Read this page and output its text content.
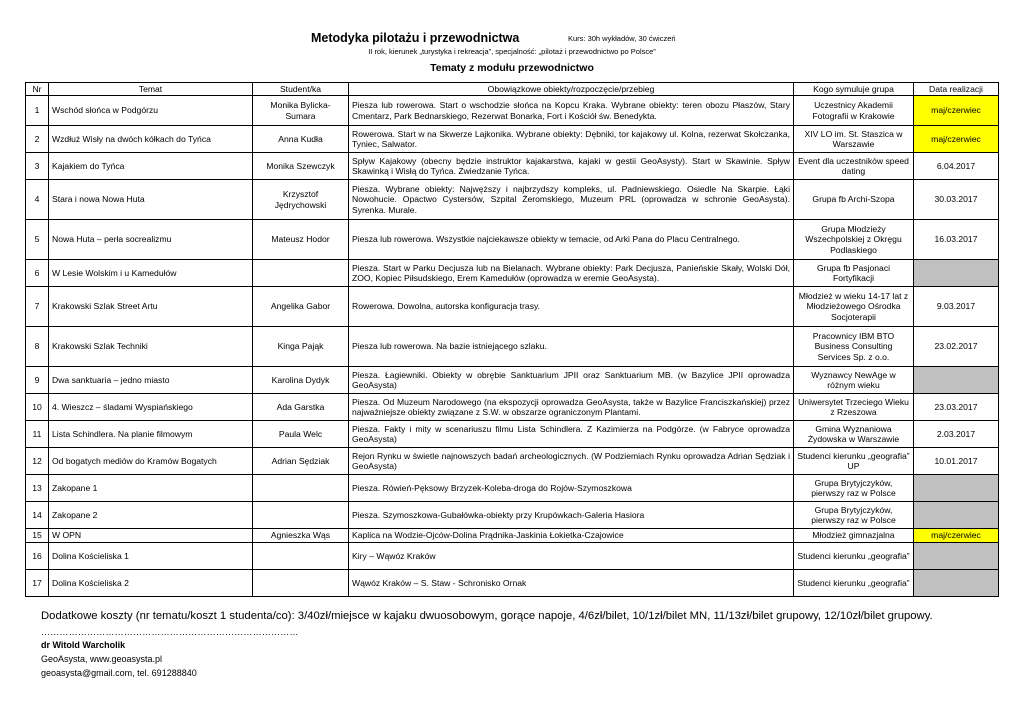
Metodyka pilotażu i przewodnictwa	Kurs: 30h wykładów, 30 ćwiczeń
II rok, kierunek „turystyka i rekreacja”, specjalność: „pilotaż i przewodnictwo po Polsce”
Tematy z modułu przewodnictwo
Nr	Temat	Student/ka	Obowiązkowe obiekty/rozpoczęcie/przebieg	Kogo symuluje grupa	Data realizacji
1	Wschód słońca w Podgórzu	Monika Bylicka-Sumara	Piesza lub rowerowa. Start o wschodzie słońca na Kopcu Kraka. Wybrane obiekty: teren obozu Płaszów, Stary Cmentarz, Park Bednarskiego, Rezerwat Bonarka, Fort i Kościół św. Benedykta.	Uczestnicy Akademii Fotografii w Krakowie	maj/czerwiec
2	Wzdłuż Wisły na dwóch kółkach do Tyńca	Anna Kudła	Rowerowa. Start w na Skwerze Lajkonika. Wybrane obiekty: Dębniki, tor kajakowy ul. Kolna, rezerwat Skołczanka, Tyniec, Salwator.	XIV LO im. St. Staszica w Warszawie	maj/czerwiec
3	Kajakiem do Tyńca	Monika Szewczyk	Spływ Kajakowy (obecny będzie instruktor kajakarstwa, kajaki w gestii GeoAsysty). Start w Skawinie. Spływ Skawinką i Wisłą do Tyńca. Zwiedzanie Tyńca.	Event dla uczestników speed dating	6.04.2017
4	Stara i nowa Nowa Huta	Krzysztof Jędrychowski	Piesza. Wybrane obiekty: Najwęższy i najbrzydszy kompleks, ul. Padniewskiego. Osiedle Na Skarpie. Łąki Nowohucie. Opactwo Cystersów, Szpital Żeromskiego, Muzeum PRL (oprowadza w schronie GeoAsysta). Syrenka. Murale.	Grupa fb Archi-Szopa	30.03.2017
5	Nowa Huta – perła socrealizmu	Mateusz Hodor	Piesza lub rowerowa. Wszystkie najciekawsze obiekty w temacie, od Arki Pana do Placu Centralnego.	Grupa Młodzieży Wszechpolskiej z Okręgu Podlaskiego	16.03.2017
6	W Lesie Wolskim i u Kamedułów		Piesza. Start w Parku Decjusza lub na Bielanach. Wybrane obiekty: Park Decjusza, Panieńskie Skały, Wolski Dół, ZOO, Kopiec Piłsudskiego, Erem Kamedułów (oprowadza w eremie GeoAsysta).	Grupa fb Pasjonaci Fortyfikacji	
7	Krakowski Szlak Street Artu	Angelika Gabor	Rowerowa. Dowolna, autorska konfiguracja trasy.	Młodzież w wieku 14-17 lat z Młodzieżowego Ośrodka Socjoterapii	9.03.2017
8	Krakowski Szlak Techniki	Kinga Pająk	Piesza lub rowerowa. Na bazie istniejącego szlaku.	Pracownicy IBM BTO Business Consulting Services Sp. z o.o.	23.02.2017
9	Dwa sanktuaria – jedno miasto	Karolina Dydyk	Piesza. Łagiewniki. Obiekty w obrębie Sanktuarium JPII oraz Sanktuarium MB. (w Bazylice JPII oprowadza GeoAsysta)	Wyznawcy NewAge w różnym wieku	
10	4. Wieszcz – śladami Wyspiańskiego	Ada Garstka	Piesza. Od Muzeum Narodowego (na ekspozycji oprowadza GeoAsysta, także w Bazylice Franciszkańskiej) przez najważniejsze obiekty związane z S.W. w obszarze ograniczonym Plantami.	Uniwersytet Trzeciego Wieku z Rzeszowa	23.03.2017
11	Lista Schindlera. Na planie filmowym	Paula Welc	Piesza. Fakty i mity w scenariuszu filmu Lista Schindlera. Z Kazimierza na Podgórze. (w Fabryce oprowadza GeoAsysta)	Gmina Wyznaniowa Żydowska w Warszawie	2.03.2017
12	Od bogatych mediów do Kramów Bogatych	Adrian Sędziak	Rejon Rynku w świetle najnowszych badań archeologicznych. (W Podziemiach Rynku oprowadza Adrian Sędziak i GeoAsysta)	Studenci kierunku „geografia” UP	10.01.2017
13	Zakopane 1		Piesza. Rówień-Pęksowy Brzyzek-Koleba-droga do Rojów-Szymoszkowa	Grupa Brytyjczyków, pierwszy raz w Polsce	
14	Zakopane 2		Piesza. Szymoszkowa-Gubałówka-obiekty przy Krupówkach-Galeria Hasiora	Grupa Brytyjczyków, pierwszy raz w Polsce	
15	W OPN	Agnieszka Wąs	Kaplica na Wodzie-Ojców-Dolina Prądnika-Jaskinia Łokietka-Czajowice	Młodzież gimnazjalna	maj/czerwiec
16	Dolina Kościeliska 1		Kiry – Wąwóz Kraków	Studenci kierunku „geografia”	
17	Dolina Kościeliska 2		Wąwóz Kraków – S. Staw - Schronisko Ornak	Studenci kierunku „geografia”	
Dodatkowe koszty (nr tematu/koszt 1 studenta/co): 3/40zł/miejsce w kajaku dwuosobowym, gorące napoje, 4/6zł/bilet, 10/1zł/bilet MN, 11/13zł/bilet grupowy, 12/10zł/bilet grupowy.
…………………………………………………………………………
dr Witold Warcholik
GeoAsysta, www.geoasysta.pl
geoasysta@gmail.com, tel. 691288840
